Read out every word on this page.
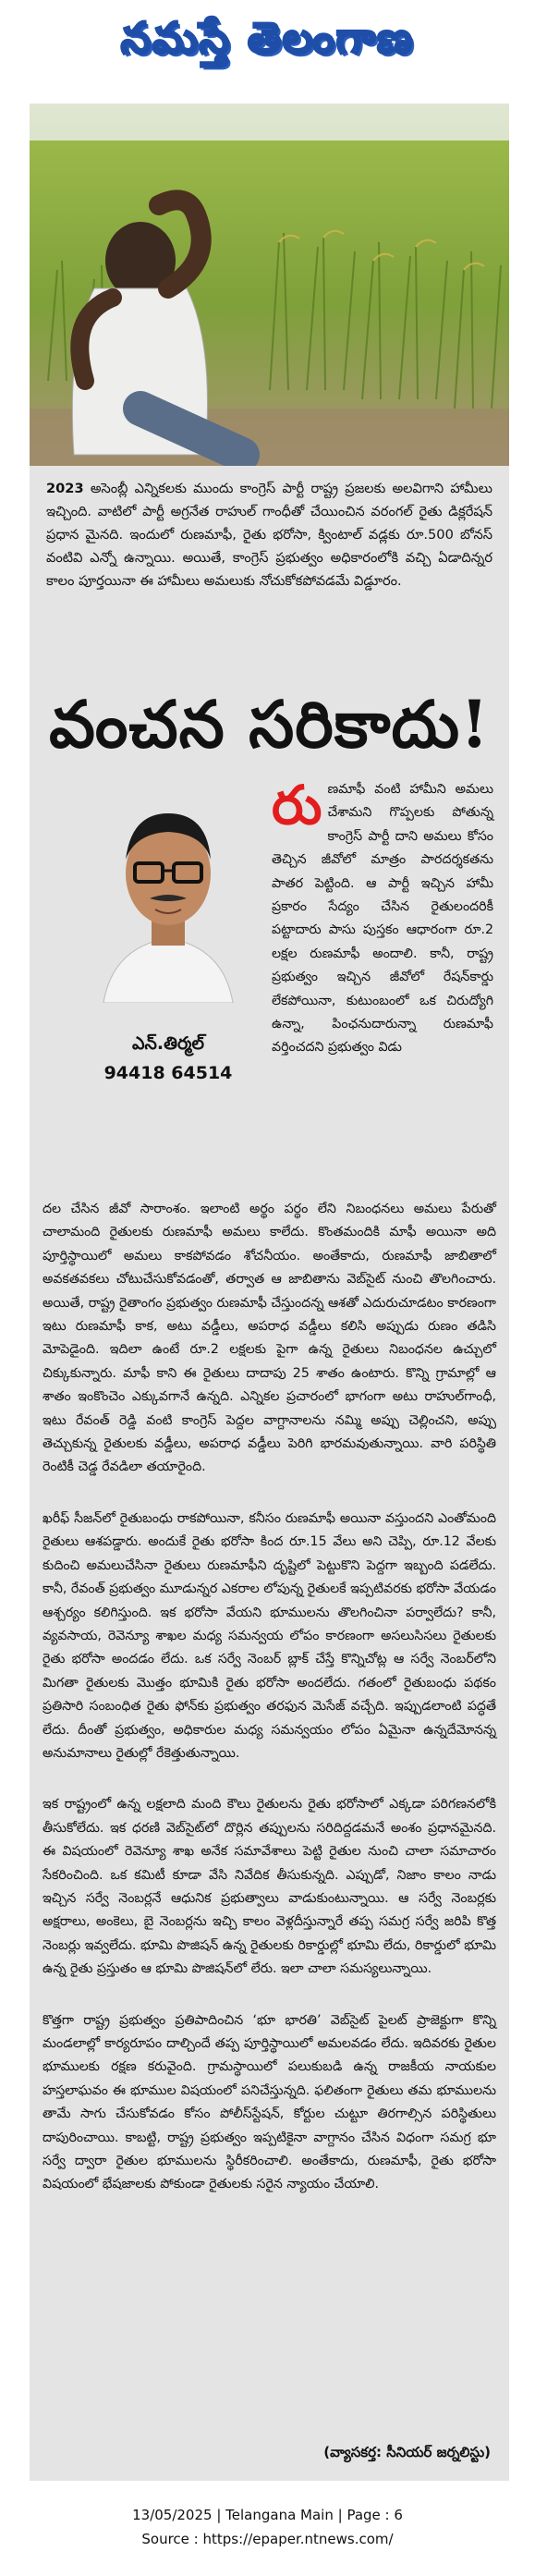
నమస్తే తెలంగాణ
2023 అసెంబ్లీ ఎన్నికలకు ముందు కాంగ్రెస్ పార్టీ రాష్ట్ర ప్రజలకు అలవిగాని హామీలు ఇచ్చింది. వాటిలో పార్టీ అగ్రనేత రాహుల్ గాంధీతో చేయించిన వరంగల్ రైతు డిక్లరేషన్ ప్రధాన మైనది. ఇందులో రుణమాఫీ, రైతు భరోసా, క్వింటాల్ వడ్లకు రూ.500 బోనస్ వంటివి ఎన్నో ఉన్నాయి. అయితే, కాంగ్రెస్ ప్రభుత్వం అధికారంలోకి వచ్చి ఏడాదిన్నర కాలం పూర్తయినా ఈ హామీలు అమలుకు నోచుకోకపోవడమే విడ్డూరం.
వంచన సరికాదు!
ఎన్.తిర్మల్
94418 64514
రుణమాఫీ వంటి హామీని అమలు చేశామని గొప్పలకు పోతున్న కాంగ్రెస్ పార్టీ దాని అమలు కోసం తెచ్చిన జీవోలో మాత్రం పారదర్శకతను పాతర పెట్టింది. ఆ పార్టీ ఇచ్చిన హామీ ప్రకారం సేద్యం చేసిన రైతులందరికీ పట్టాదారు పాసు పుస్తకం ఆధారంగా రూ.2 లక్షల రుణమాఫీ అందాలి. కానీ, రాష్ట్ర ప్రభుత్వం ఇచ్చిన జీవోలో రేషన్‌కార్డు లేకపోయినా, కుటుంబంలో ఒక చిరుద్యోగి ఉన్నా, పింఛనుదారున్నా రుణమాఫీ వర్తించదని ప్రభుత్వం విడు

దల చేసిన జీవో సారాంశం. ఇలాంటి అర్థం పర్థం లేని నిబంధనలు అమలు పేరుతో చాలామంది రైతులకు రుణమాఫీ అమలు కాలేదు. కొంతమందికి మాఫీ అయినా అది పూర్తిస్థాయిలో అమలు కాకపోవడం శోచనీయం. అంతేకాదు, రుణమాఫీ జాబితాలో అవకతవకలు చోటుచేసుకోవడంతో, తర్వాత ఆ జాబితాను వెబ్‌సైట్ నుంచి తొలగించారు. అయితే, రాష్ట్ర రైతాంగం ప్రభుత్వం రుణమాఫీ చేస్తుందన్న ఆశతో ఎదురుచూడటం కారణంగా ఇటు రుణమాఫీ కాక, అటు వడ్డీలు, అపరాధ వడ్డీలు కలిసి అప్పుడు రుణం తడిసి మోపెడైంది. ఇదిలా ఉంటే రూ.2 లక్షలకు పైగా ఉన్న రైతులు నిబంధనల ఉచ్చులో చిక్కుకున్నారు. మాఫీ కాని ఈ రైతులు దాదాపు 25 శాతం ఉంటారు. కొన్ని గ్రామాల్లో ఆ శాతం ఇంకొంచెం ఎక్కువగానే ఉన్నది. ఎన్నికల ప్రచారంలో భాగంగా అటు రాహుల్‌గాంధీ, ఇటు రేవంత్ రెడ్డి వంటి కాంగ్రెస్ పెద్దల వాగ్దానాలను నమ్మి అప్పు చెల్లించని, అప్పు తెచ్చుకున్న రైతులకు వడ్డీలు, అపరాధ వడ్డీలు పెరిగి భారమవుతున్నాయి. వారి పరిస్థితి రెంటికీ చెడ్డ రేవడిలా తయారైంది.

ఖరీఫ్ సీజన్‌లో రైతుబంధు రాకపోయినా, కనీసం రుణమాఫీ అయినా వస్తుందని ఎంతోమంది రైతులు ఆశపడ్డారు. అందుకే రైతు భరోసా కింద రూ.15 వేలు అని చెప్పి, రూ.12 వేలకు కుదించి అమలుచేసినా రైతులు రుణమాఫీని దృష్టిలో పెట్టుకొని పెద్దగా ఇబ్బంది పడలేదు. కానీ, రేవంత్ ప్రభుత్వం మూడున్నర ఎకరాల లోపున్న రైతులకే ఇప్పటివరకు భరోసా వేయడం ఆశ్చర్యం కలిగిస్తుంది. ఇక భరోసా వేయని భూములను తొలగించినా పర్వాలేదు? కానీ, వ్యవసాయ, రెవెన్యూ శాఖల మధ్య సమన్వయ లోపం కారణంగా అసలుసిసలు రైతులకు రైతు భరోసా అందడం లేదు. ఒక సర్వే నెంబర్ బ్లాక్ చేస్తే కొన్నిచోట్ల ఆ సర్వే నెంబర్‌లోని మిగతా రైతులకు మొత్తం భూమికి రైతు భరోసా అందలేదు. గతంలో రైతుబంధు పథకం ప్రతిసారి సంబంధిత రైతు ఫోన్‌కు ప్రభుత్వం తరఫున మెసేజ్ వచ్చేది. ఇప్పుడలాంటి పద్ధతే లేదు. దీంతో ప్రభుత్వం, అధికారుల మధ్య సమన్వయం లోపం ఏమైనా ఉన్నదేమోనన్న అనుమానాలు రైతుల్లో రేకెత్తుతున్నాయి.

ఇక రాష్ట్రంలో ఉన్న లక్షలాది మంది కౌలు రైతులను రైతు భరోసాలో ఎక్కడా పరిగణనలోకి తీసుకోలేదు. ఇక ధరణి వెబ్‌సైట్‌లో దొర్లిన తప్పులను సరిదిద్దడమనే అంశం ప్రధానమైనది. ఈ విషయంలో రెవెన్యూ శాఖ అనేక సమావేశాలు పెట్టి రైతుల నుంచి చాలా సమాచారం సేకరించింది. ఒక కమిటీ కూడా వేసి నివేదిక తీసుకున్నది. ఎప్పుడో, నిజాం కాలం నాడు ఇచ్చిన సర్వే నెంబర్లనే ఆధునిక ప్రభుత్వాలు వాడుకుంటున్నాయి. ఆ సర్వే నెంబర్లకు అక్షరాలు, అంకెలు, బై నెంబర్లను ఇచ్చి కాలం వెళ్లదీస్తున్నారే తప్ప సమగ్ర సర్వే జరిపి కొత్త నెంబర్లు ఇవ్వలేదు. భూమి పొజిషన్‌ ఉన్న రైతులకు రికార్డుల్లో భూమి లేదు, రికార్డులో భూమి ఉన్న రైతు ప్రస్తుతం ఆ భూమి పొజిషన్‌లో లేరు. ఇలా చాలా సమస్యలున్నాయి.

కొత్తగా రాష్ట్ర ప్రభుత్వం ప్రతిపాదించిన ‘భూ భారతి’ వెబ్‌సైట్ పైలట్ ప్రాజెక్టుగా కొన్ని మండలాల్లో కార్యరూపం దాల్చిందే తప్ప పూర్తిస్థాయిలో అమలవడం లేదు. ఇదివరకు రైతుల భూములకు రక్షణ కరువైంది. గ్రామస్థాయిలో పలుకుబడి ఉన్న రాజకీయ నాయకుల హస్తలాఘవం ఈ భూముల విషయంలో పనిచేస్తున్నది. ఫలితంగా రైతులు తమ భూములను తామే సాగు చేసుకోవడం కోసం పోలీస్‌స్టేషన్, కోర్టుల చుట్టూ తిరగాల్సిన పరిస్థితులు దాపురించాయి. కాబట్టి, రాష్ట్ర ప్రభుత్వం ఇప్పటికైనా వాగ్దానం చేసిన విధంగా సమగ్ర భూ సర్వే ద్వారా రైతుల భూములను స్థిరీకరించాలి. అంతేకాదు, రుణమాఫీ, రైతు భరోసా విషయంలో భేషజాలకు పోకుండా రైతులకు సరైన న్యాయం చేయాలి.

(వ్యాసకర్త: సీనియర్ జర్నలిస్టు)
13/05/2025 | Telangana Main | Page : 6
Source : https://epaper.ntnews.com/
